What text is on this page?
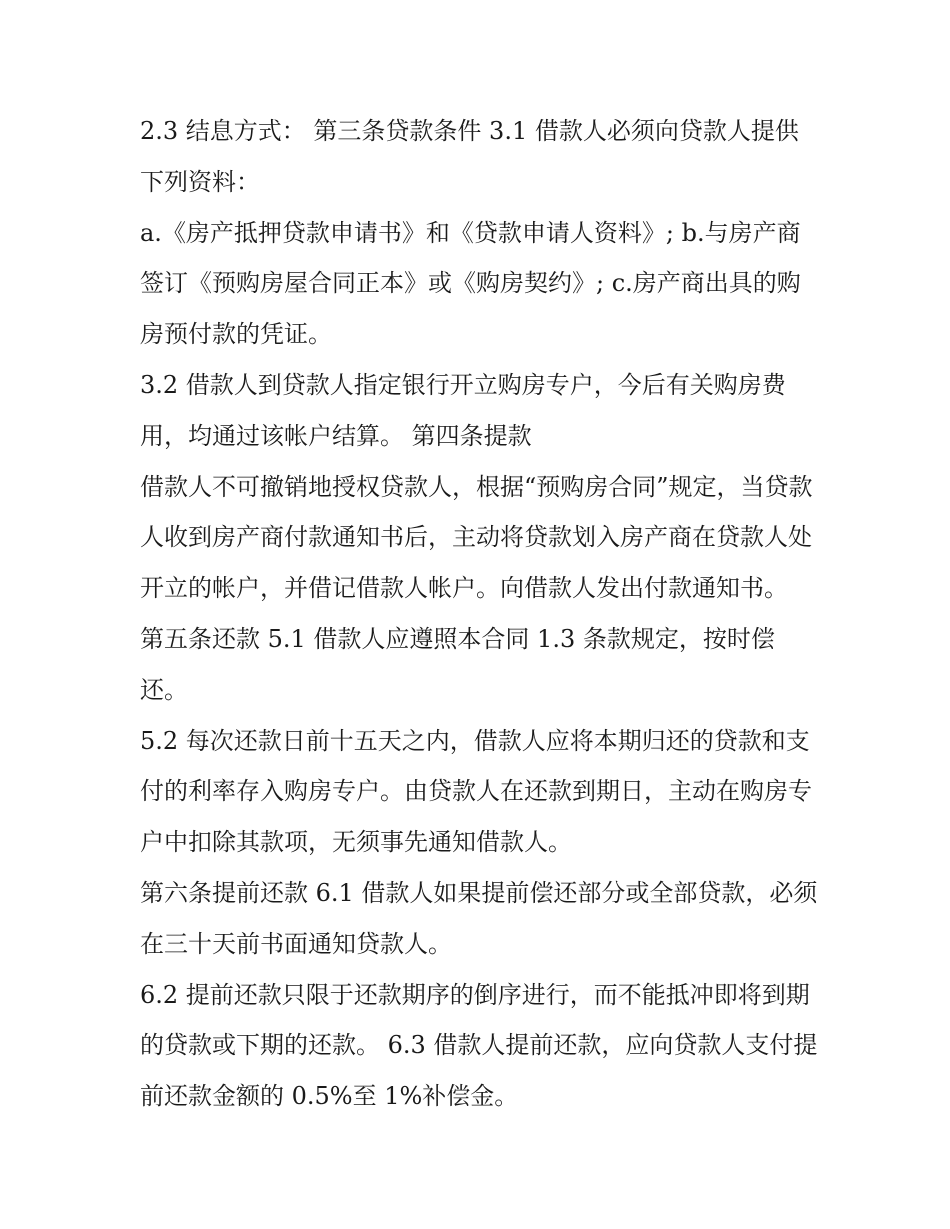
2.3 结息方式： 第三条贷款条件 3.1 借款人必须向贷款人提供下列资料：

a.《房产抵押贷款申请书》和《贷款申请人资料》; b.与房产商签订《预购房屋合同正本》或《购房契约》; c.房产商出具的购房预付款的凭证。

3.2 借款人到贷款人指定银行开立购房专户，今后有关购房费用，均通过该帐户结算。 第四条提款

借款人不可撤销地授权贷款人，根据“预购房合同”规定，当贷款人收到房产商付款通知书后，主动将贷款划入房产商在贷款人处开立的帐户，并借记借款人帐户。向借款人发出付款通知书。

第五条还款 5.1 借款人应遵照本合同 1.3 条款规定，按时偿还。

5.2 每次还款日前十五天之内，借款人应将本期归还的贷款和支付的利率存入购房专户。由贷款人在还款到期日，主动在购房专户中扣除其款项，无须事先通知借款人。

第六条提前还款 6.1 借款人如果提前偿还部分或全部贷款，必须在三十天前书面通知贷款人。

6.2 提前还款只限于还款期序的倒序进行，而不能抵冲即将到期的贷款或下期的还款。 6.3 借款人提前还款，应向贷款人支付提前还款金额的 0.5%至 1%补偿金。
